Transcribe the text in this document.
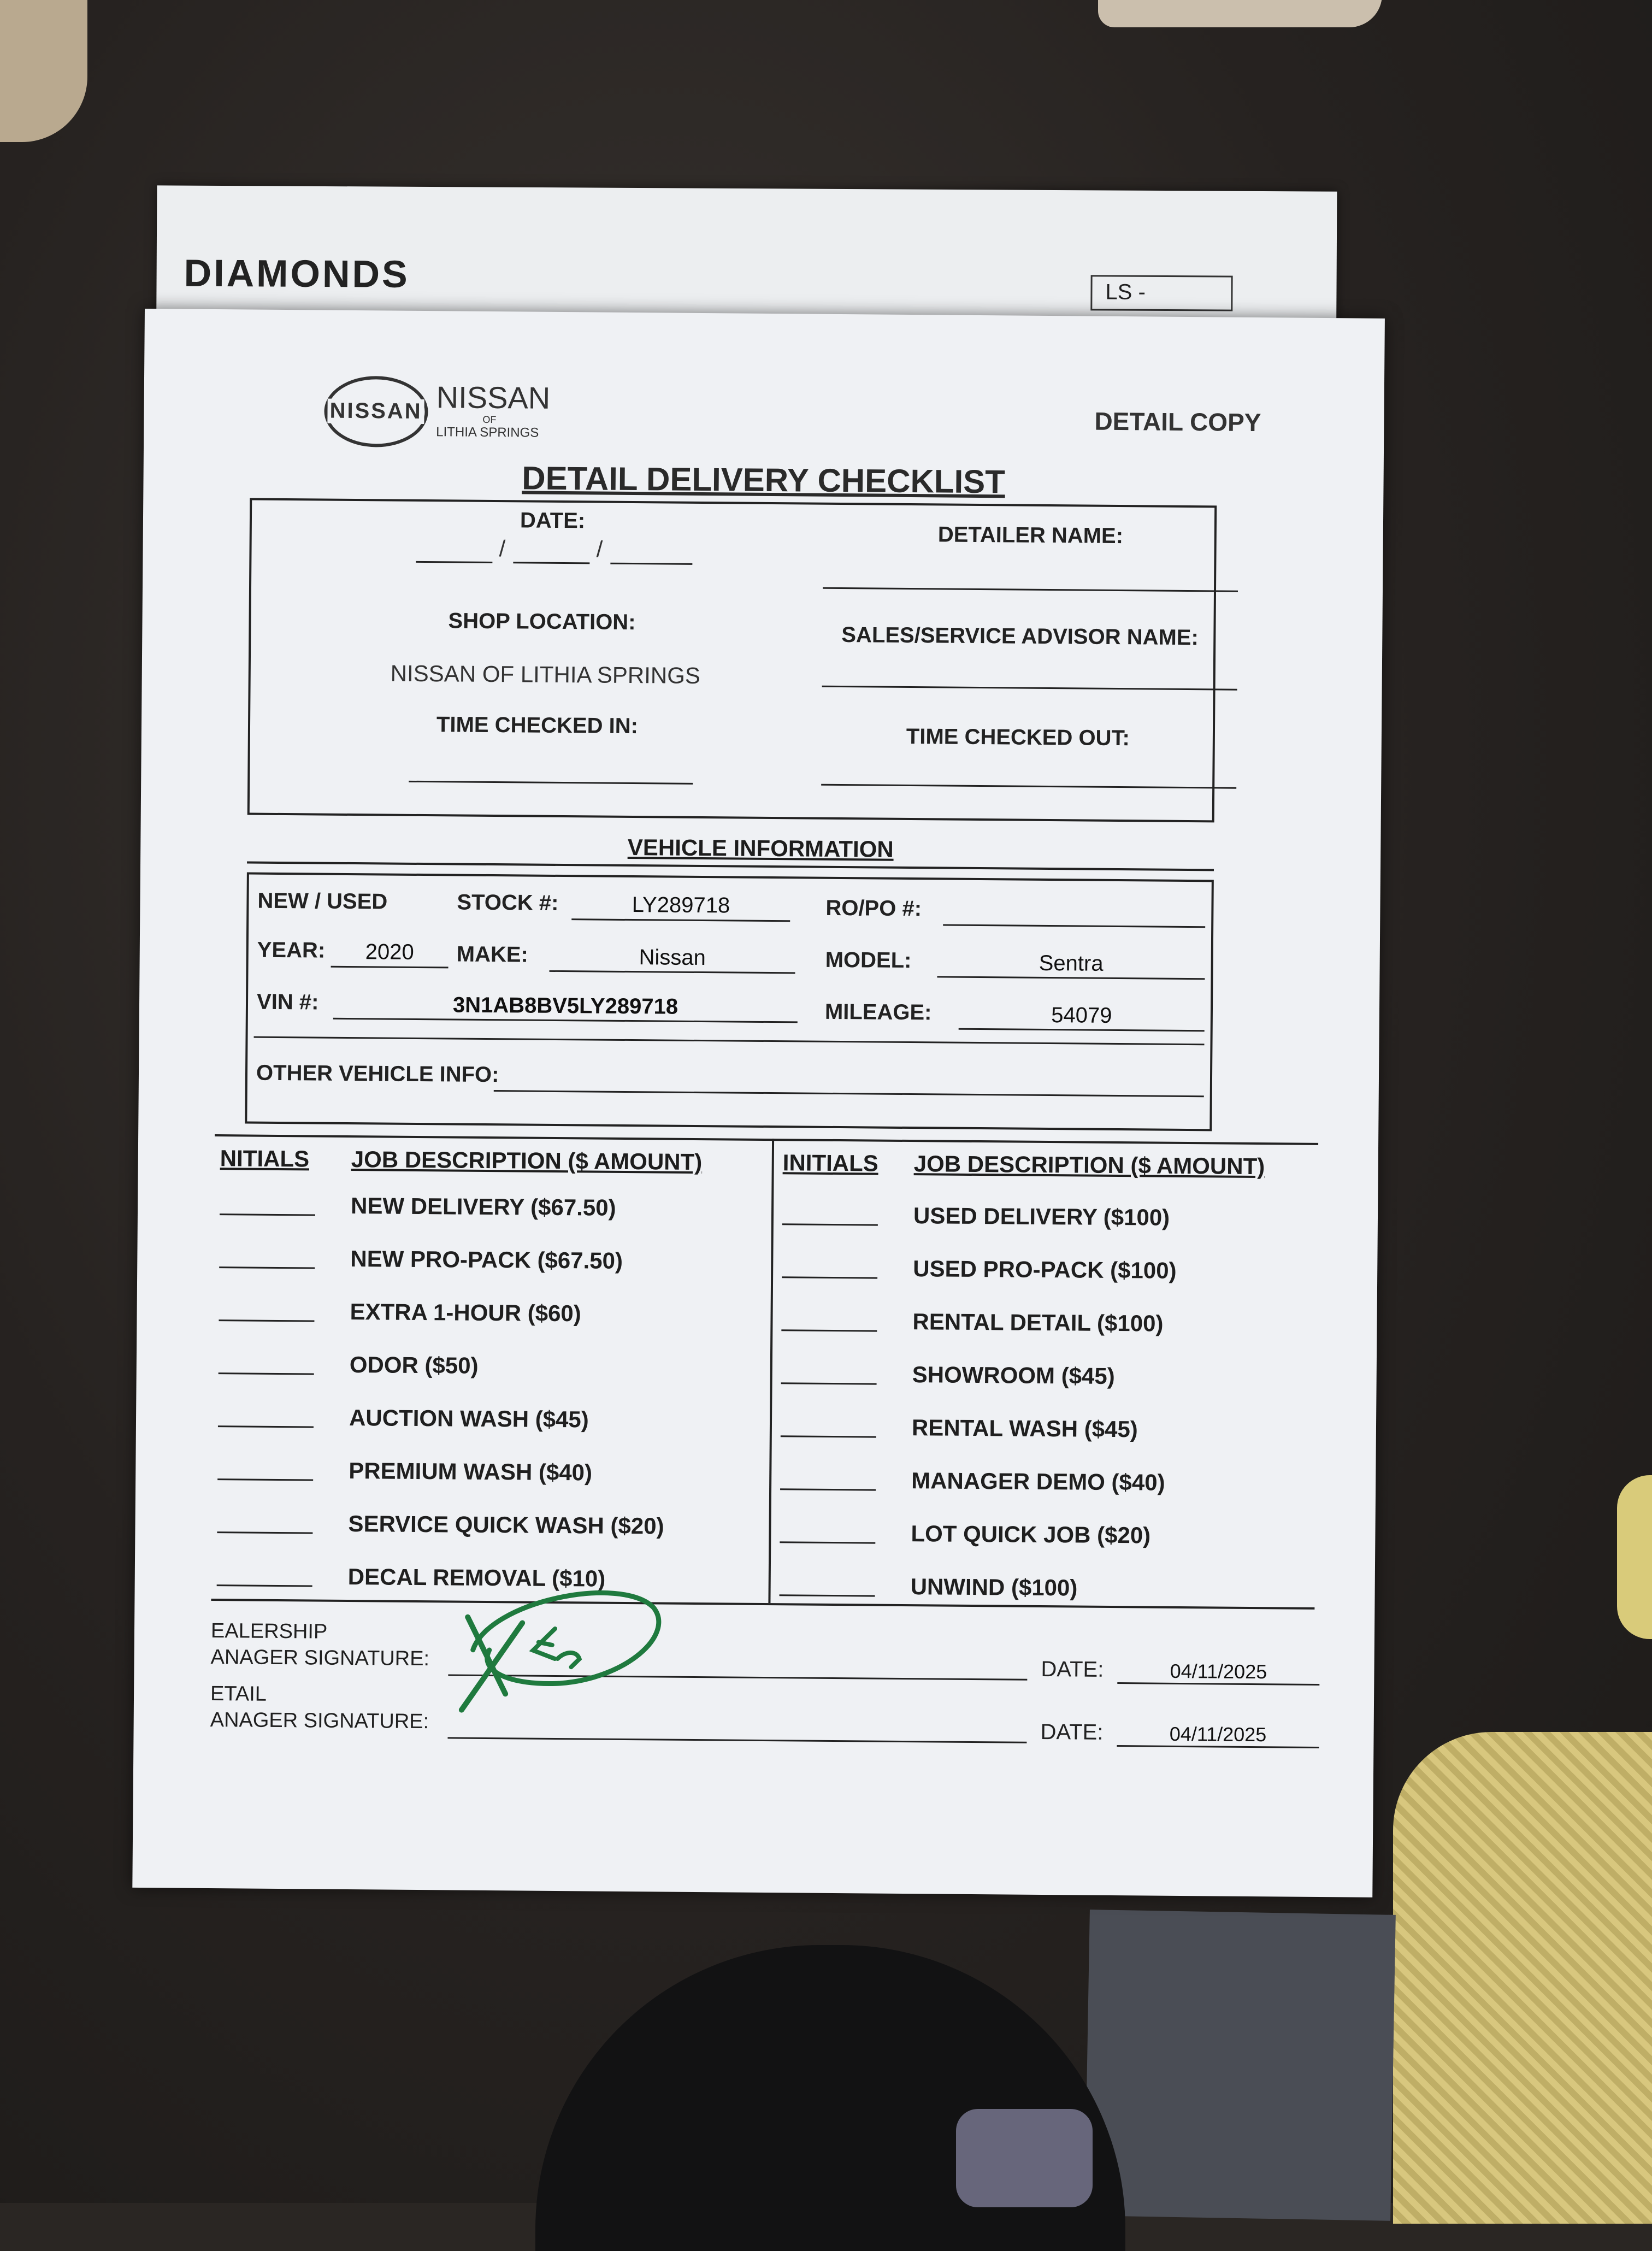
DIAMONDS	LS -
NISSAN NISSAN
OF
LITHIA SPRINGS	DETAIL COPY
DETAIL DELIVERY CHECKLIST
DATE:
/	/
DETAILER NAME:
SHOP LOCATION:
NISSAN OF LITHIA SPRINGS
SALES/SERVICE ADVISOR NAME:
TIME CHECKED IN:	TIME CHECKED OUT:
VEHICLE INFORMATION
NEW / USED	STOCK #:	LY289718	RO/PO #:
YEAR:	2020	MAKE:	Nissan	MODEL:	Sentra
VIN #:	3N1AB8BV5LY289718	MILEAGE:	54079
OTHER VEHICLE INFO:
NITIALS JOB DESCRIPTION ($ AMOUNT)	INITIALS JOB DESCRIPTION ($ AMOUNT)
NEW DELIVERY ($67.50)
NEW PRO-PACK ($67.50)
EXTRA 1-HOUR ($60)
ODOR ($50)
AUCTION WASH ($45)
PREMIUM WASH ($40)
SERVICE QUICK WASH ($20)
DECAL REMOVAL ($10)
USED DELIVERY ($100)
USED PRO-PACK ($100)
RENTAL DETAIL ($100)
SHOWROOM ($45)
RENTAL WASH ($45)
MANAGER DEMO ($40)
LOT QUICK JOB ($20)
UNWIND ($100)
EALERSHIP
ANAGER SIGNATURE:	DATE:	04/11/2025
ETAIL
ANAGER SIGNATURE:	DATE:	04/11/2025
